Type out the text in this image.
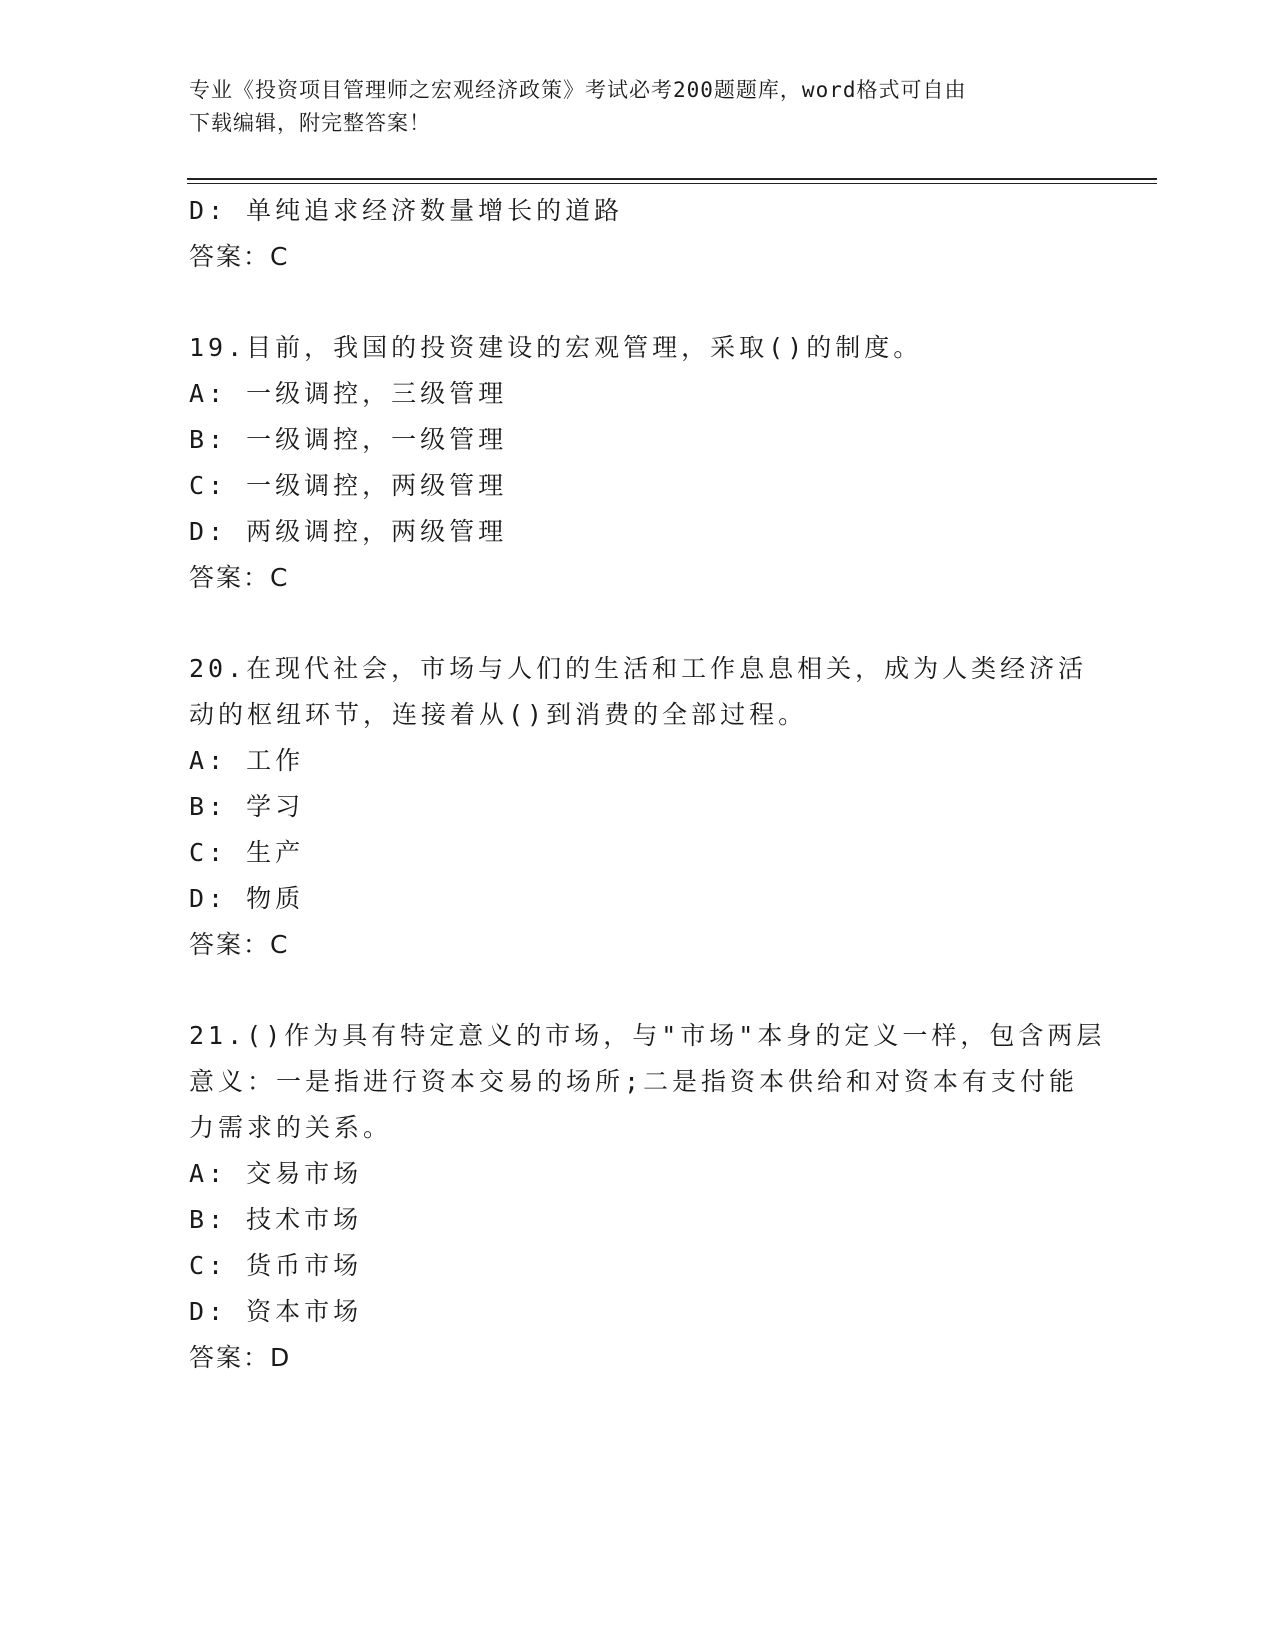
专业《投资项目管理师之宏观经济政策》考试必考200题题库，word格式可自由
下载编辑，附完整答案！
D: 单纯追求经济数量增长的道路
答案：C
19.目前，我国的投资建设的宏观管理，采取()的制度。
A: 一级调控，三级管理
B: 一级调控，一级管理
C: 一级调控，两级管理
D: 两级调控，两级管理
答案：C
20.在现代社会，市场与人们的生活和工作息息相关，成为人类经济活
动的枢纽环节，连接着从()到消费的全部过程。
A: 工作
B: 学习
C: 生产
D: 物质
答案：C
21.()作为具有特定意义的市场，与"市场"本身的定义一样，包含两层
意义：一是指进行资本交易的场所;二是指资本供给和对资本有支付能
力需求的关系。
A: 交易市场
B: 技术市场
C: 货币市场
D: 资本市场
答案：D
